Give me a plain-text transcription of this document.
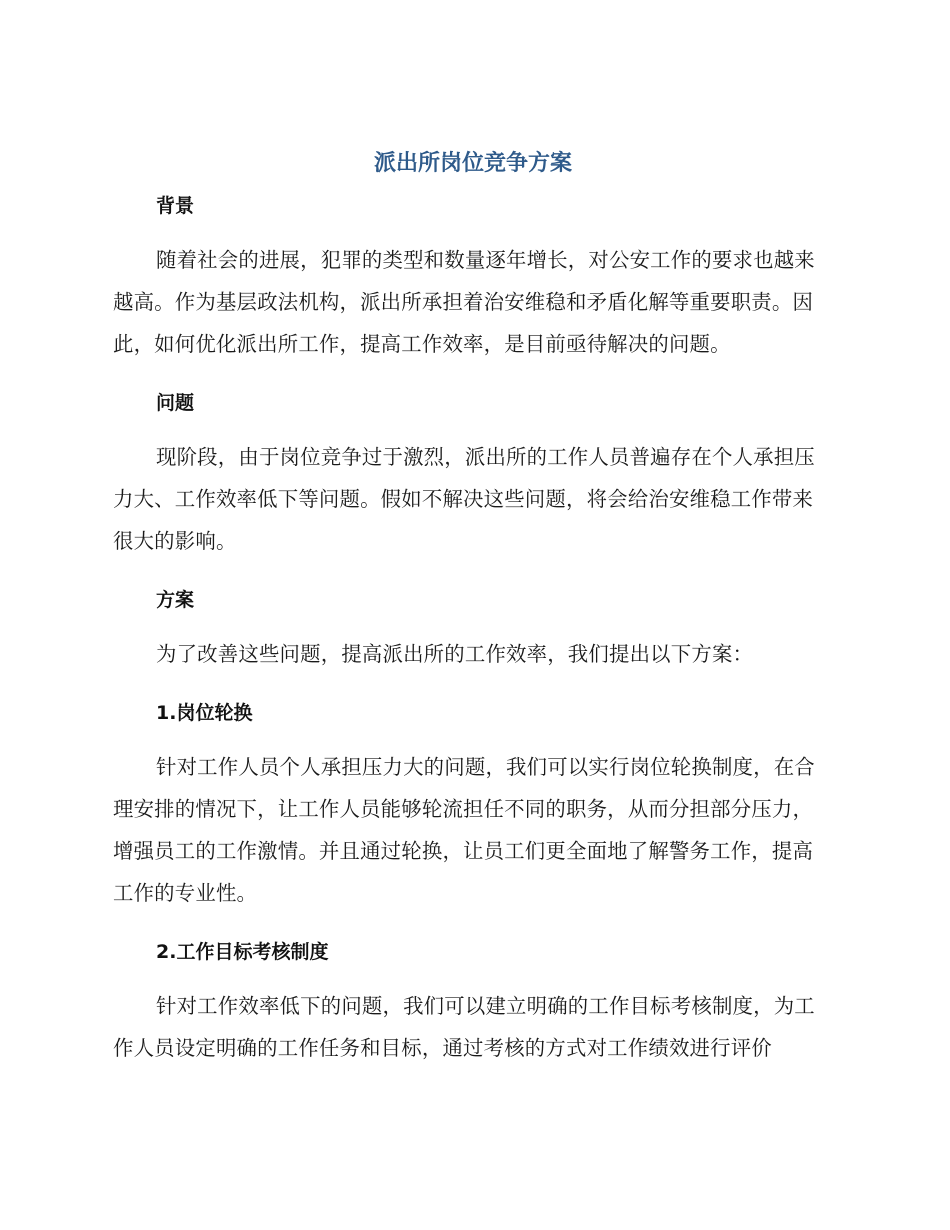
派出所岗位竞争方案
背景

随着社会的进展，犯罪的类型和数量逐年增长，对公安工作的要求也越来越高。作为基层政法机构，派出所承担着治安维稳和矛盾化解等重要职责。因此，如何优化派出所工作，提高工作效率，是目前亟待解决的问题。

问题

现阶段，由于岗位竞争过于激烈，派出所的工作人员普遍存在个人承担压力大、工作效率低下等问题。假如不解决这些问题，将会给治安维稳工作带来很大的影响。

方案

为了改善这些问题，提高派出所的工作效率，我们提出以下方案：

1.岗位轮换

针对工作人员个人承担压力大的问题，我们可以实行岗位轮换制度，在合理安排的情况下，让工作人员能够轮流担任不同的职务，从而分担部分压力，增强员工的工作激情。并且通过轮换，让员工们更全面地了解警务工作，提高工作的专业性。

2.工作目标考核制度

针对工作效率低下的问题，我们可以建立明确的工作目标考核制度，为工作人员设定明确的工作任务和目标，通过考核的方式对工作绩效进行评价
